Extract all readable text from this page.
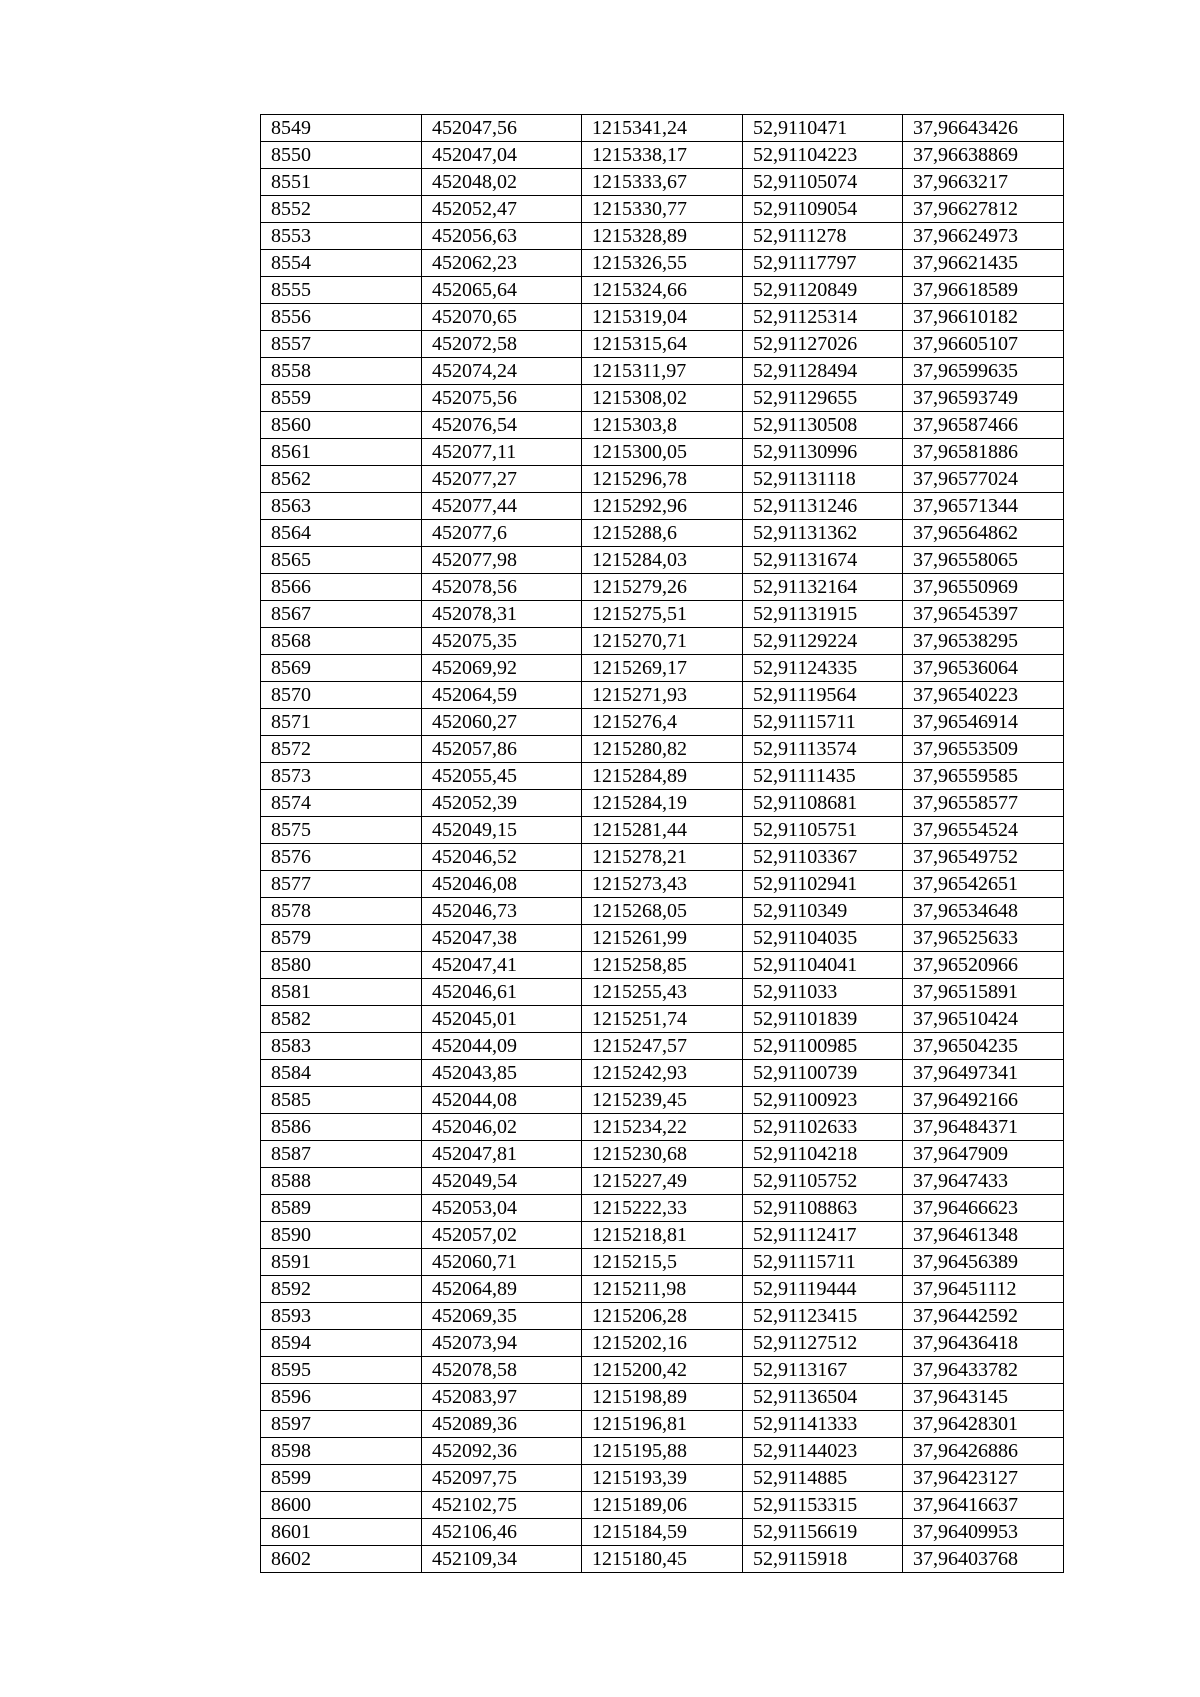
8549	452047,56	1215341,24	52,9110471	37,96643426
8550	452047,04	1215338,17	52,91104223	37,96638869
8551	452048,02	1215333,67	52,91105074	37,9663217
8552	452052,47	1215330,77	52,91109054	37,96627812
8553	452056,63	1215328,89	52,9111278	37,96624973
8554	452062,23	1215326,55	52,91117797	37,96621435
8555	452065,64	1215324,66	52,91120849	37,96618589
8556	452070,65	1215319,04	52,91125314	37,96610182
8557	452072,58	1215315,64	52,91127026	37,96605107
8558	452074,24	1215311,97	52,91128494	37,96599635
8559	452075,56	1215308,02	52,91129655	37,96593749
8560	452076,54	1215303,8	52,91130508	37,96587466
8561	452077,11	1215300,05	52,91130996	37,96581886
8562	452077,27	1215296,78	52,91131118	37,96577024
8563	452077,44	1215292,96	52,91131246	37,96571344
8564	452077,6	1215288,6	52,91131362	37,96564862
8565	452077,98	1215284,03	52,91131674	37,96558065
8566	452078,56	1215279,26	52,91132164	37,96550969
8567	452078,31	1215275,51	52,91131915	37,96545397
8568	452075,35	1215270,71	52,91129224	37,96538295
8569	452069,92	1215269,17	52,91124335	37,96536064
8570	452064,59	1215271,93	52,91119564	37,96540223
8571	452060,27	1215276,4	52,91115711	37,96546914
8572	452057,86	1215280,82	52,91113574	37,96553509
8573	452055,45	1215284,89	52,91111435	37,96559585
8574	452052,39	1215284,19	52,91108681	37,96558577
8575	452049,15	1215281,44	52,91105751	37,96554524
8576	452046,52	1215278,21	52,91103367	37,96549752
8577	452046,08	1215273,43	52,91102941	37,96542651
8578	452046,73	1215268,05	52,9110349	37,96534648
8579	452047,38	1215261,99	52,91104035	37,96525633
8580	452047,41	1215258,85	52,91104041	37,96520966
8581	452046,61	1215255,43	52,911033	37,96515891
8582	452045,01	1215251,74	52,91101839	37,96510424
8583	452044,09	1215247,57	52,91100985	37,96504235
8584	452043,85	1215242,93	52,91100739	37,96497341
8585	452044,08	1215239,45	52,91100923	37,96492166
8586	452046,02	1215234,22	52,91102633	37,96484371
8587	452047,81	1215230,68	52,91104218	37,9647909
8588	452049,54	1215227,49	52,91105752	37,9647433
8589	452053,04	1215222,33	52,91108863	37,96466623
8590	452057,02	1215218,81	52,91112417	37,96461348
8591	452060,71	1215215,5	52,91115711	37,96456389
8592	452064,89	1215211,98	52,91119444	37,96451112
8593	452069,35	1215206,28	52,91123415	37,96442592
8594	452073,94	1215202,16	52,91127512	37,96436418
8595	452078,58	1215200,42	52,9113167	37,96433782
8596	452083,97	1215198,89	52,91136504	37,9643145
8597	452089,36	1215196,81	52,91141333	37,96428301
8598	452092,36	1215195,88	52,91144023	37,96426886
8599	452097,75	1215193,39	52,9114885	37,96423127
8600	452102,75	1215189,06	52,91153315	37,96416637
8601	452106,46	1215184,59	52,91156619	37,96409953
8602	452109,34	1215180,45	52,9115918	37,96403768
